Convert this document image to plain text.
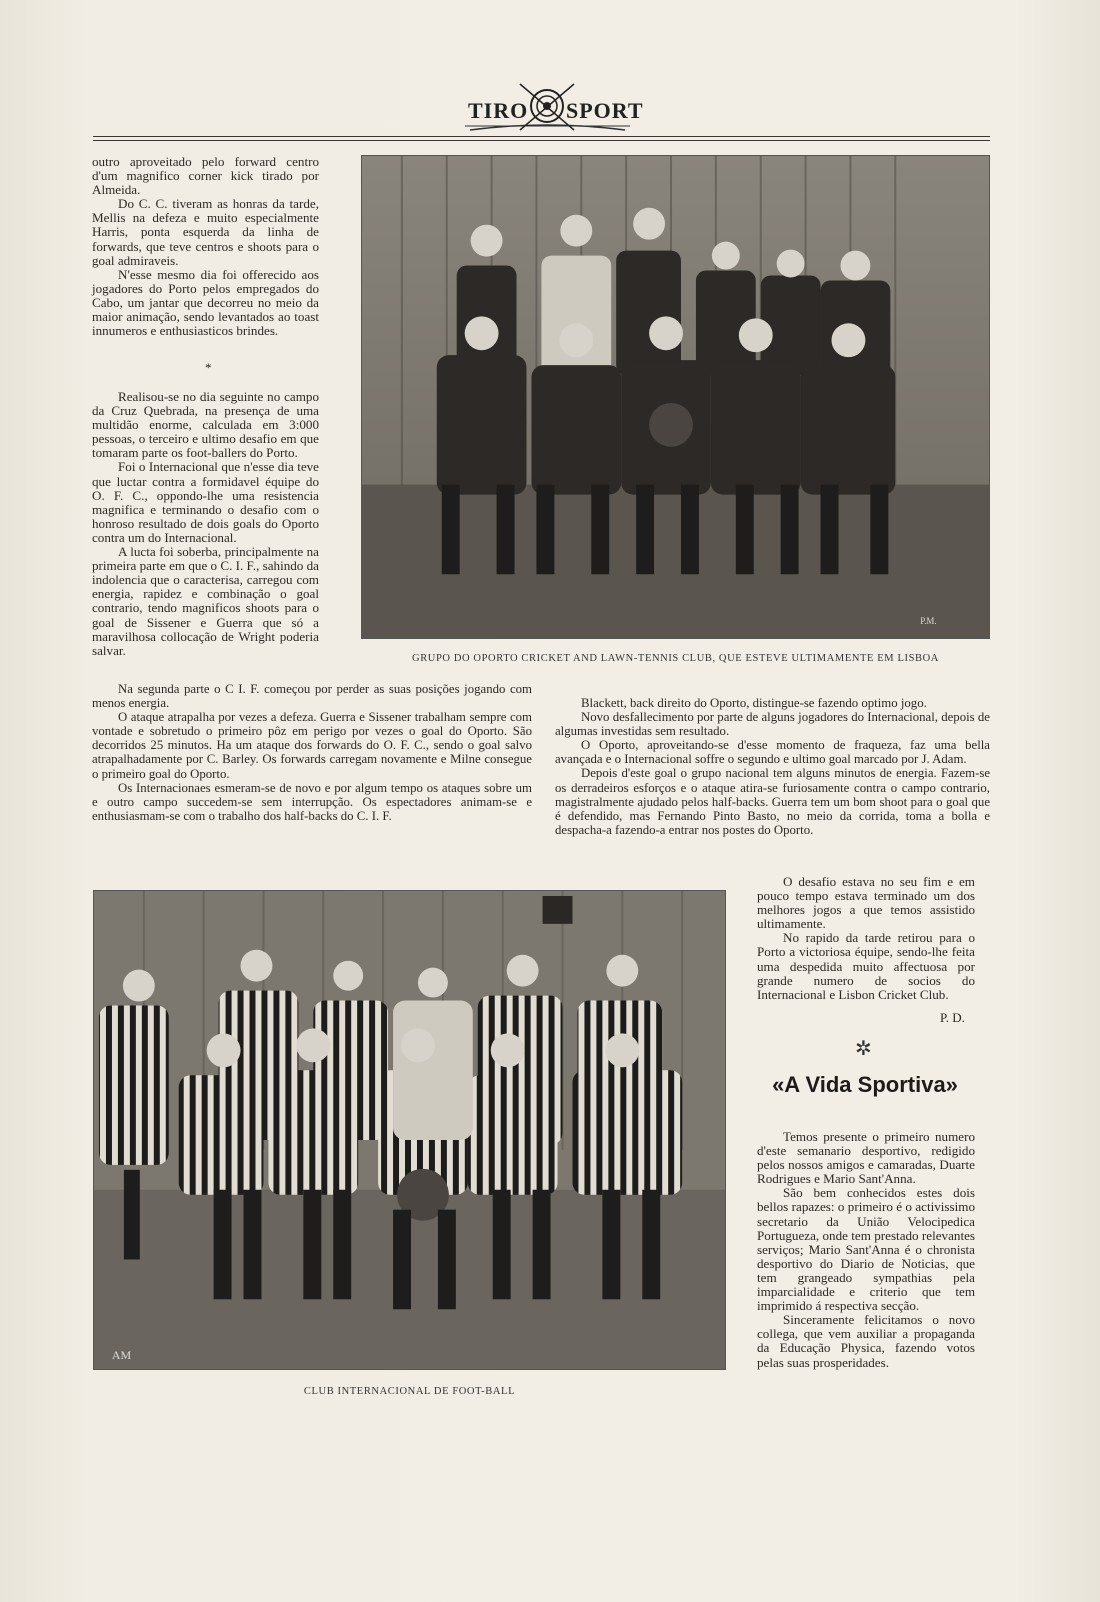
TIRO SPORT

outro aproveitado pelo forward centro d'um magnifico corner kick tirado por Almeida.

Do C. C. tiveram as honras da tarde, Mellis na defeza e muito especialmente Harris, ponta esquerda da linha de forwards, que teve centros e shoots para o goal admiraveis.

N'esse mesmo dia foi offerecido aos jogadores do Porto pelos empregados do Cabo, um jantar que decorreu no meio da maior animação, sendo levantados ao toast innumeros e enthusiasticos brindes.

*

Realisou-se no dia seguinte no campo da Cruz Quebrada, na presença de uma multidão enorme, calculada em 3:000 pessoas, o terceiro e ultimo desafio em que tomaram parte os foot-ballers do Porto.

Foi o Internacional que n'esse dia teve que luctar contra a formidavel équipe do O. F. C., oppondo-lhe uma resistencia magnifica e terminando o desafio com o honroso resultado de dois goals do Oporto contra um do Internacional.

A lucta foi soberba, principalmente na primeira parte em que o C. I. F., sahindo da indolencia que o caracterisa, carregou com energia, rapidez e combinação o goal contrario, tendo magnificos shoots para o goal de Sissener e Guerra que só a maravilhosa collocação de Wright poderia salvar.

P.M.
GRUPO DO OPORTO CRICKET AND LAWN-TENNIS CLUB, QUE ESTEVE ULTIMAMENTE EM LISBOA

Na segunda parte o C I. F. começou por perder as suas posições jogando com menos energia.

O ataque atrapalha por vezes a defeza. Guerra e Sissener trabalham sempre com vontade e sobretudo o primeiro pôz em perigo por vezes o goal do Oporto. São decorridos 25 minutos. Ha um ataque dos forwards do O. F. C., sendo o goal salvo atrapalhadamente por C. Barley. Os forwards carregam novamente e Milne consegue o primeiro goal do Oporto.

Os Internacionaes esmeram-se de novo e por algum tempo os ataques sobre um e outro campo succedem-se sem interrupção. Os espectadores animam-se e enthusiasmam-se com o trabalho dos half-backs do C. I. F.

Blackett, back direito do Oporto, distingue-se fazendo optimo jogo.

Novo desfallecimento por parte de alguns jogadores do Internacional, depois de algumas investidas sem resultado.

O Oporto, aproveitando-se d'esse momento de fraqueza, faz uma bella avançada e o Internacional soffre o segundo e ultimo goal marcado por J. Adam.

Depois d'este goal o grupo nacional tem alguns minutos de energia. Fazem-se os derradeiros esforços e o ataque atira-se furiosamente contra o campo contrario, magistralmente ajudado pelos half-backs. Guerra tem um bom shoot para o goal que é defendido, mas Fernando Pinto Basto, no meio da corrida, toma a bolla e despacha-a fazendo-a entrar nos postes do Oporto.

AM
CLUB INTERNACIONAL DE FOOT-BALL

O desafio estava no seu fim e em pouco tempo estava terminado um dos melhores jogos a que temos assistido ultimamente.

No rapido da tarde retirou para o Porto a victoriosa équipe, sendo-lhe feita uma despedida muito affectuosa por grande numero de socios do Internacional e Lisbon Cricket Club.

P. D.
✲
«A Vida Sportiva»

Temos presente o primeiro numero d'este semanario desportivo, redigido pelos nossos amigos e camaradas, Duarte Rodrigues e Mario Sant'Anna.

São bem conhecidos estes dois bellos rapazes: o primeiro é o activissimo secretario da União Velocipedica Portugueza, onde tem prestado relevantes serviços; Mario Sant'Anna é o chronista desportivo do Diario de Noticias, que tem grangeado sympathias pela imparcialidade e criterio que tem imprimido á respectiva secção.

Sinceramente felicitamos o novo collega, que vem auxiliar a propaganda da Educação Physica, fazendo votos pelas suas prosperidades.
